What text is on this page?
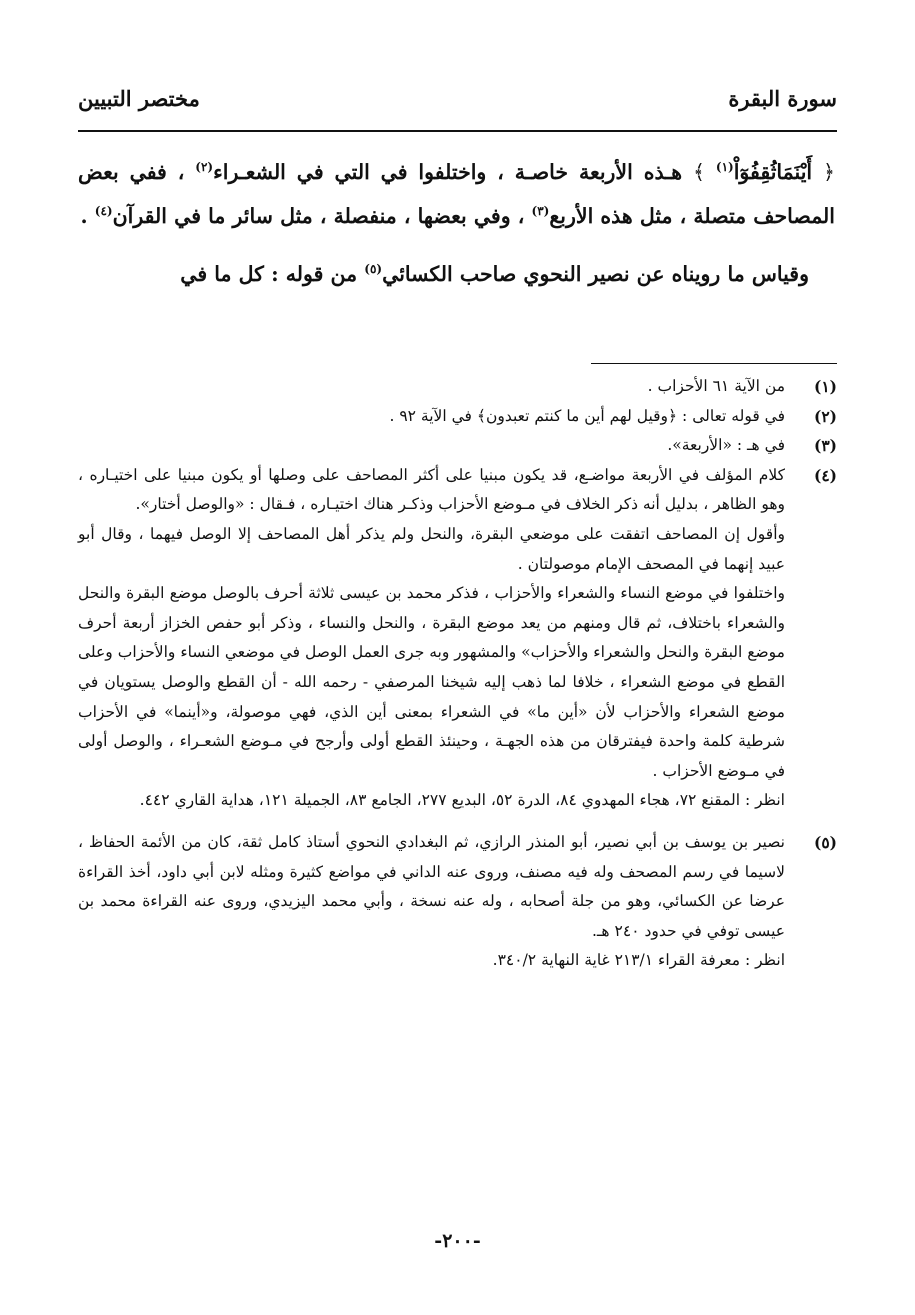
سورة البقرة
مختصر التبيين

﴿ أَيْنَمَاثُقِفُوٓاْ$^{(١)}$ ﴾ هـذه الأربعة خاصـة ، واختلفوا في التي في الشعـراء$^{(٢)}$ ، ففي بعض المصاحف متصلة ، مثل هذه الأربع$^{(٣)}$ ، وفي بعضها ، منفصلة ، مثل سائر ما في القرآن$^{(٤)}$ .

وقياس ما رويناه عن نصير النحوي صاحب الكسائي$^{(٥)}$ من قوله : كل ما في

(١)

من الآية ٦١ الأحزاب .

(٢)

في قوله تعالى : ﴿وقيل لهم أين ما كنتم تعبدون﴾ في الآية ٩٢ .

(٣)

في هـ : «الأربعة».

(٤)

كلام المؤلف في الأربعة مواضـع، قد يكون مبنيا على أكثر المصاحف على وصلها أو يكون مبنيا على اختيـاره ، وهو الظاهر ، بدليل أنه ذكر الخلاف في مـوضع الأحزاب وذكـر هناك اختيـاره ، فـقال : «والوصل أختار».

وأقول إن المصاحف اتفقت على موضعي البقرة، والنحل ولم يذكر أهل المصاحف إلا الوصل فيهما ، وقال أبو عبيد إنهما في المصحف الإمام موصولتان .

واختلفوا في موضع النساء والشعراء والأحزاب ، فذكر محمد بن عيسى ثلاثة أحرف بالوصل موضع البقرة والنحل والشعراء باختلاف، ثم قال ومنهم من يعد موضع البقرة ، والنحل والنساء ، وذكر أبو حفص الخزاز أربعة أحرف موضع البقرة والنحل والشعراء والأحزاب» والمشهور وبه جرى العمل الوصل في موضعي النساء والأحزاب وعلى القطع في موضع الشعراء ، خلافا لما ذهب إليه شيخنا المرصفي - رحمه الله - أن القطع والوصل يستويان في موضع الشعراء والأحزاب لأن «أين ما» في الشعراء بمعنى أين الذي، فهي موصولة، و«أينما» في الأحزاب شرطية كلمة واحدة فيفترقان من هذه الجهـة ، وحينئذ القطع أولى وأرجح في مـوضع الشعـراء ، والوصل أولى في مـوضع الأحزاب .

انظر : المقنع ٧٢، هجاء المهدوي ٨٤، الدرة ٥٢، البديع ٢٧٧، الجامع ٨٣، الجميلة ١٢١، هداية القاري ٤٤٢.

(٥)

نصير بن يوسف بن أبي نصير، أبو المنذر الرازي، ثم البغدادي النحوي أستاذ كامل ثقة، كان من الأئمة الحفاظ ، لاسيما في رسم المصحف وله فيه مصنف، وروى عنه الداني في مواضع كثيرة ومثله لابن أبي داود، أخذ القراءة عرضا عن الكسائي، وهو من جلة أصحابه ، وله عنه نسخة ، وأبي محمد اليزيدي، وروى عنه القراءة محمد بن عيسى توفي في حدود ٢٤٠ هـ.

انظر : معرفة القراء ٢١٣/١ غاية النهاية ٣٤٠/٢.

-٢٠٠-
